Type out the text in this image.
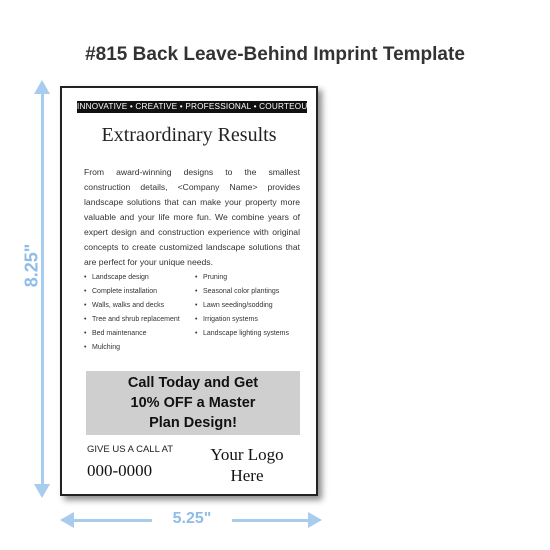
#815 Back Leave-Behind Imprint Template
8.25"
5.25"
INNOVATIVE • CREATIVE • PROFESSIONAL • COURTEOUS
Extraordinary Results
From award-winning designs to the smallest construction details, <Company Name> provides landscape solutions that can make your property more valuable and your life more fun. We combine years of expert design and construction experience with original concepts to create customized landscape solutions that are perfect for your unique needs.
• Landscape design
• Complete installation
• Walls, walks and decks
• Tree and shrub replacement
• Bed maintenance
• Mulching
• Pruning
• Seasonal color plantings
• Lawn seeding/sodding
• Irrigation systems
• Landscape lighting systems
Call Today and Get
10% OFF a Master
Plan Design!
GIVE US A CALL AT
000-0000
Your Logo
Here
